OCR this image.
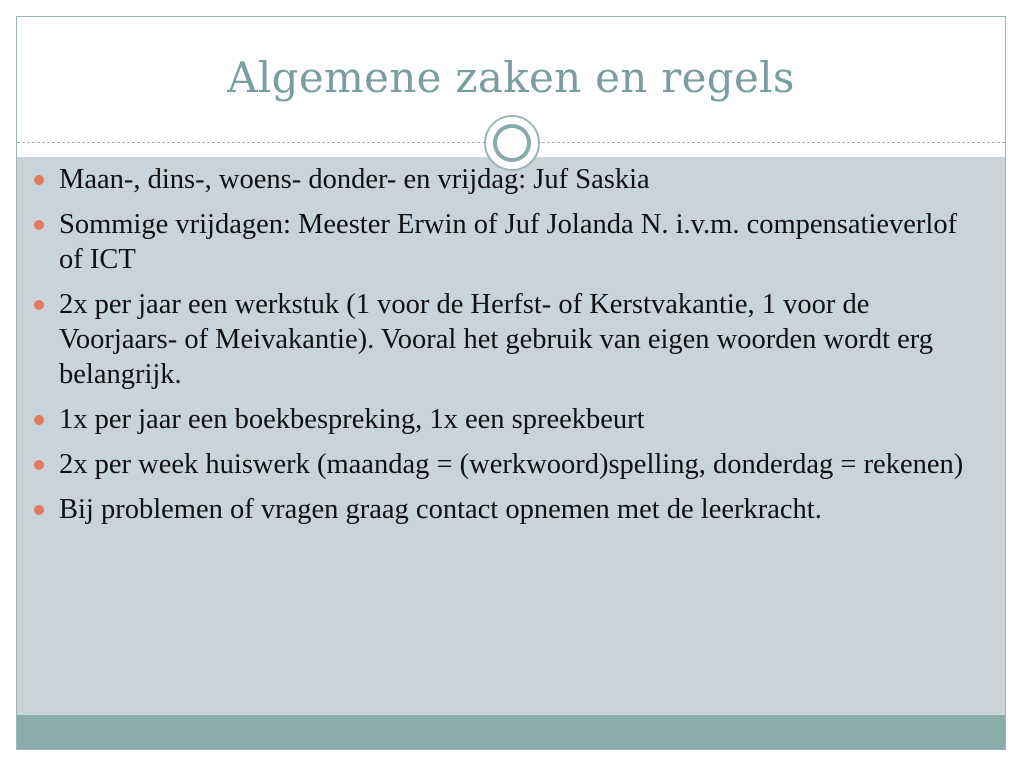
Algemene zaken en regels
Maan-, dins-, woens- donder- en vrijdag: Juf Saskia
Sommige vrijdagen: Meester Erwin of Juf Jolanda N. i.v.m. compensatieverlof of ICT
2x per jaar een werkstuk (1 voor de Herfst- of Kerstvakantie, 1 voor de Voorjaars- of Meivakantie). Vooral het gebruik van eigen woorden wordt erg belangrijk.
1x per jaar een boekbespreking, 1x een spreekbeurt
2x per week huiswerk (maandag = (werkwoord)spelling, donderdag = rekenen)
Bij problemen of vragen graag contact opnemen met de leerkracht.
